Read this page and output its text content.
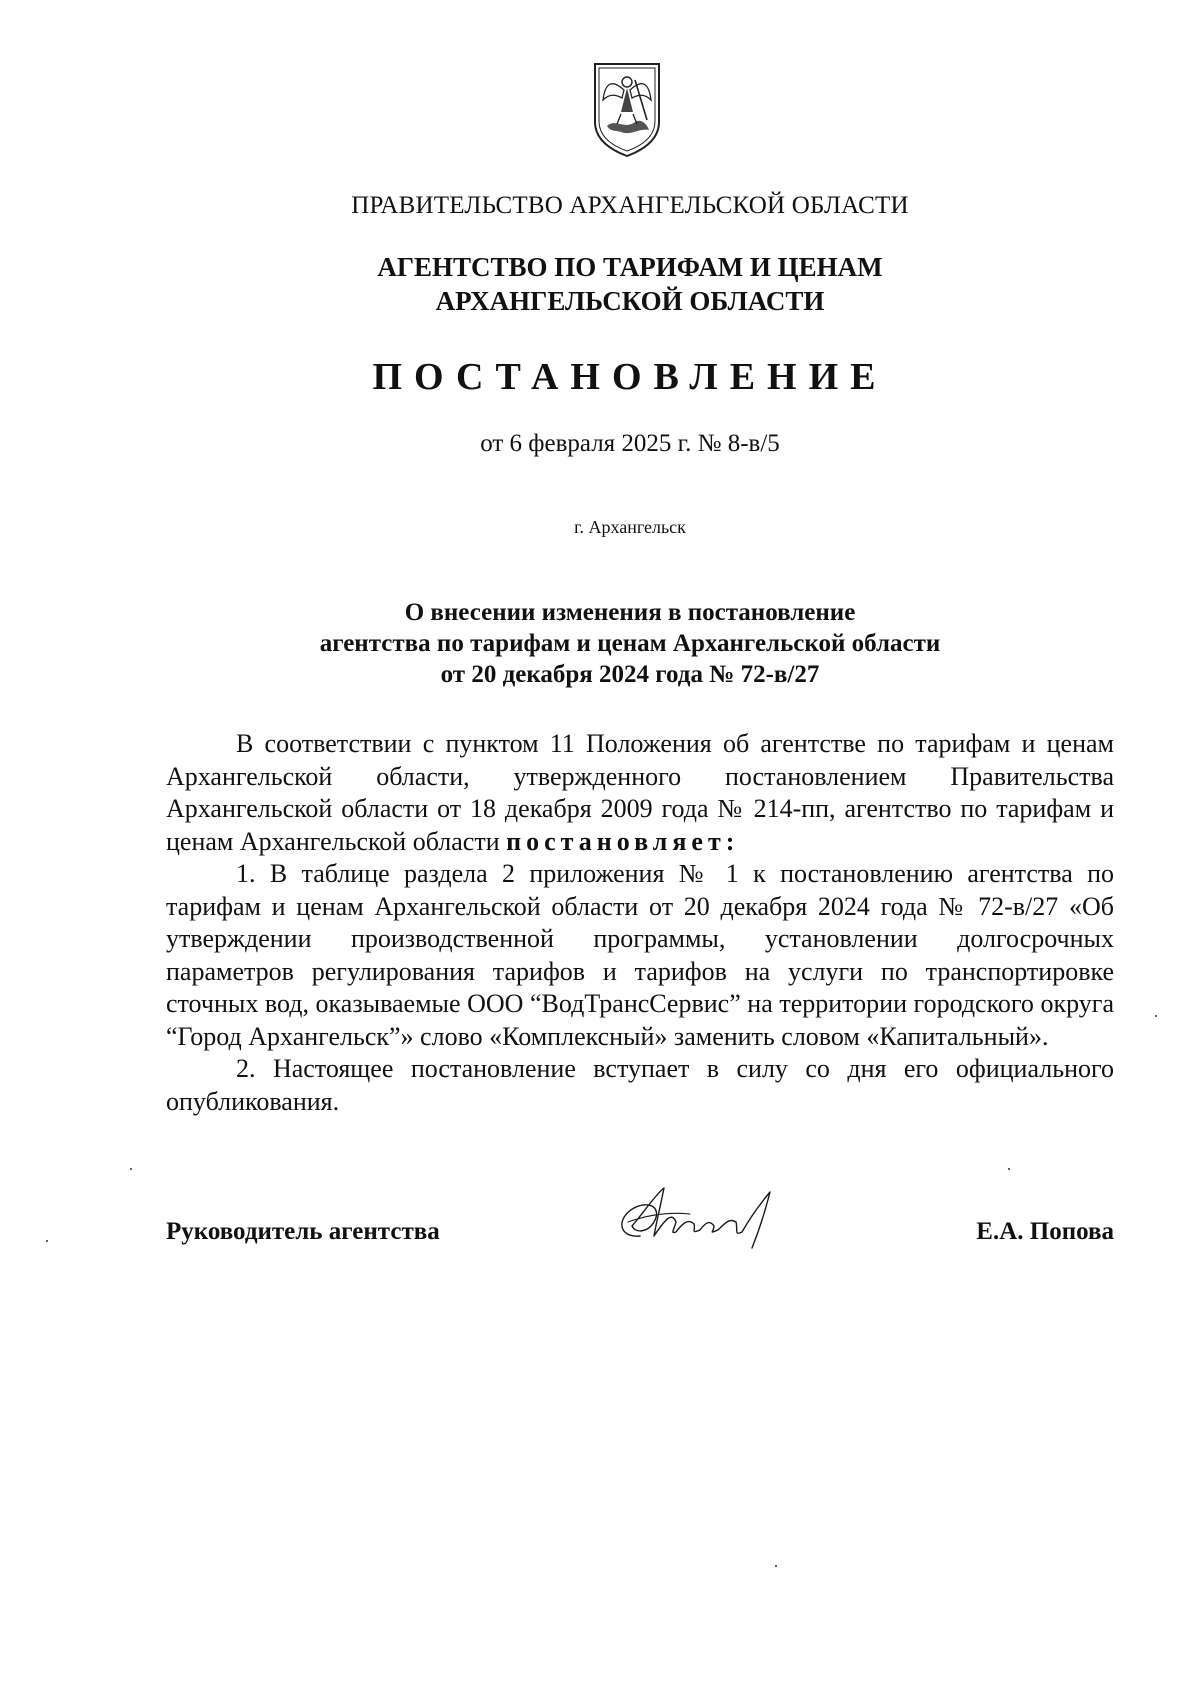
ПРАВИТЕЛЬСТВО АРХАНГЕЛЬСКОЙ ОБЛАСТИ
АГЕНТСТВО ПО ТАРИФАМ И ЦЕНАМ
АРХАНГЕЛЬСКОЙ ОБЛАСТИ
ПОСТАНОВЛЕНИЕ
от 6 февраля 2025 г. № 8-в/5
г. Архангельск
О внесении изменения в постановление
агентства по тарифам и ценам Архангельской области
от 20 декабря 2024 года № 72-в/27

В соответствии с пунктом 11 Положения об агентстве по тарифам и ценам Архангельской области, утвержденного постановлением Правительства Архангельской области от 18 декабря 2009 года № 214-пп, агентство по тарифам и ценам Архангельской области постановляет:

1. В таблице раздела 2 приложения № 1 к постановлению агентства по тарифам и ценам Архангельской области от 20 декабря 2024 года № 72-в/27 «Об утверждении производственной программы, установлении долгосрочных параметров регулирования тарифов и тарифов на услуги по транспортировке сточных вод, оказываемые ООО “ВодТрансСервис” на территории городского округа “Город Архангельск”» слово «Комплексный» заменить словом «Капитальный».

2. Настоящее постановление вступает в силу со дня его официального опубликования.

Руководитель агентства	Е.А. Попова
